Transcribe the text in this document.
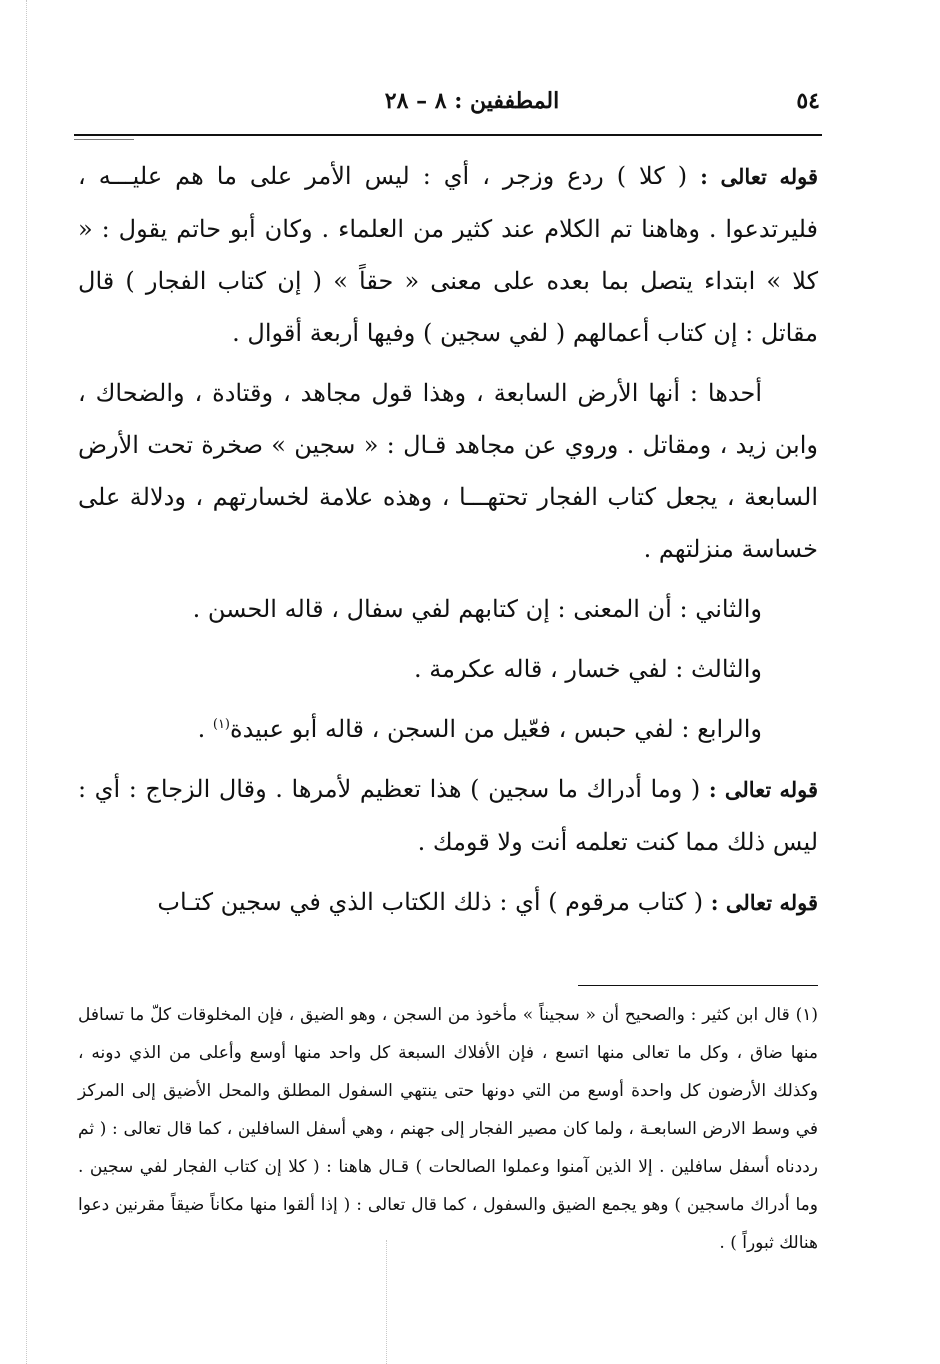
٥٤
المطففين : ٨ – ٢٨

قوله تعالى : ( كلا ) ردع وزجر ، أي : ليس الأمر على ما هم عليـــه ، فليرتدعوا . وهاهنا تم الكلام عند كثير من العلماء . وكان أبو حاتم يقول : « كلا » ابتداء يتصل بما بعده على معنى « حقاً » ( إن كتاب الفجار ) قال مقاتل : إن كتاب أعمالهم ( لفي سجين ) وفيها أربعة أقوال .

أحدها : أنها الأرض السابعة ، وهذا قول مجاهد ، وقتادة ، والضحاك ، وابن زيد ، ومقاتل . وروي عن مجاهد قـال : « سجين » صخرة تحت الأرض السابعة ، يجعل كتاب الفجار تحتهـــا ، وهذه علامة لخسارتهم ، ودلالة على خساسة منزلتهم .

والثاني : أن المعنى : إن كتابهم لفي سفال ، قاله الحسن .

والثالث : لفي خسار ، قاله عكرمة .

والرابع : لفي حبس ، فعّيل من السجن ، قاله أبو عبيدة$^{(١)}$ .

قوله تعالى : ( وما أدراك ما سجين ) هذا تعظيم لأمرها . وقال الزجاج : أي : ليس ذلك مما كنت تعلمه أنت ولا قومك .

قوله تعالى : ( كتاب مرقوم ) أي : ذلك الكتاب الذي في سجين كتـاب

(١) قال ابن كثير : والصحيح أن « سجيناً » مأخوذ من السجن ، وهو الضيق ، فإن المخلوقات كلّ ما تسافل منها ضاق ، وكل ما تعالى منها اتسع ، فإن الأفلاك السبعة كل واحد منها أوسع وأعلى من الذي دونه ، وكذلك الأرضون كل واحدة أوسع من التي دونها حتى ينتهي السفول المطلق والمحل الأضيق إلى المركز في وسط الارض السابعـة ، ولما كان مصير الفجار إلى جهنم ، وهي أسفل السافلين ، كما قال تعالى : ( ثم رددناه أسفل سافلين . إلا الذين آمنوا وعملوا الصالحات ) قـال هاهنا : ( كلا إن كتاب الفجار لفي سجين . وما أدراك ماسجين ) وهو يجمع الضيق والسفول ، كما قال تعالى : ( إذا ألقوا منها مكاناً ضيقاً مقرنين دعوا هنالك ثبوراً ) .
